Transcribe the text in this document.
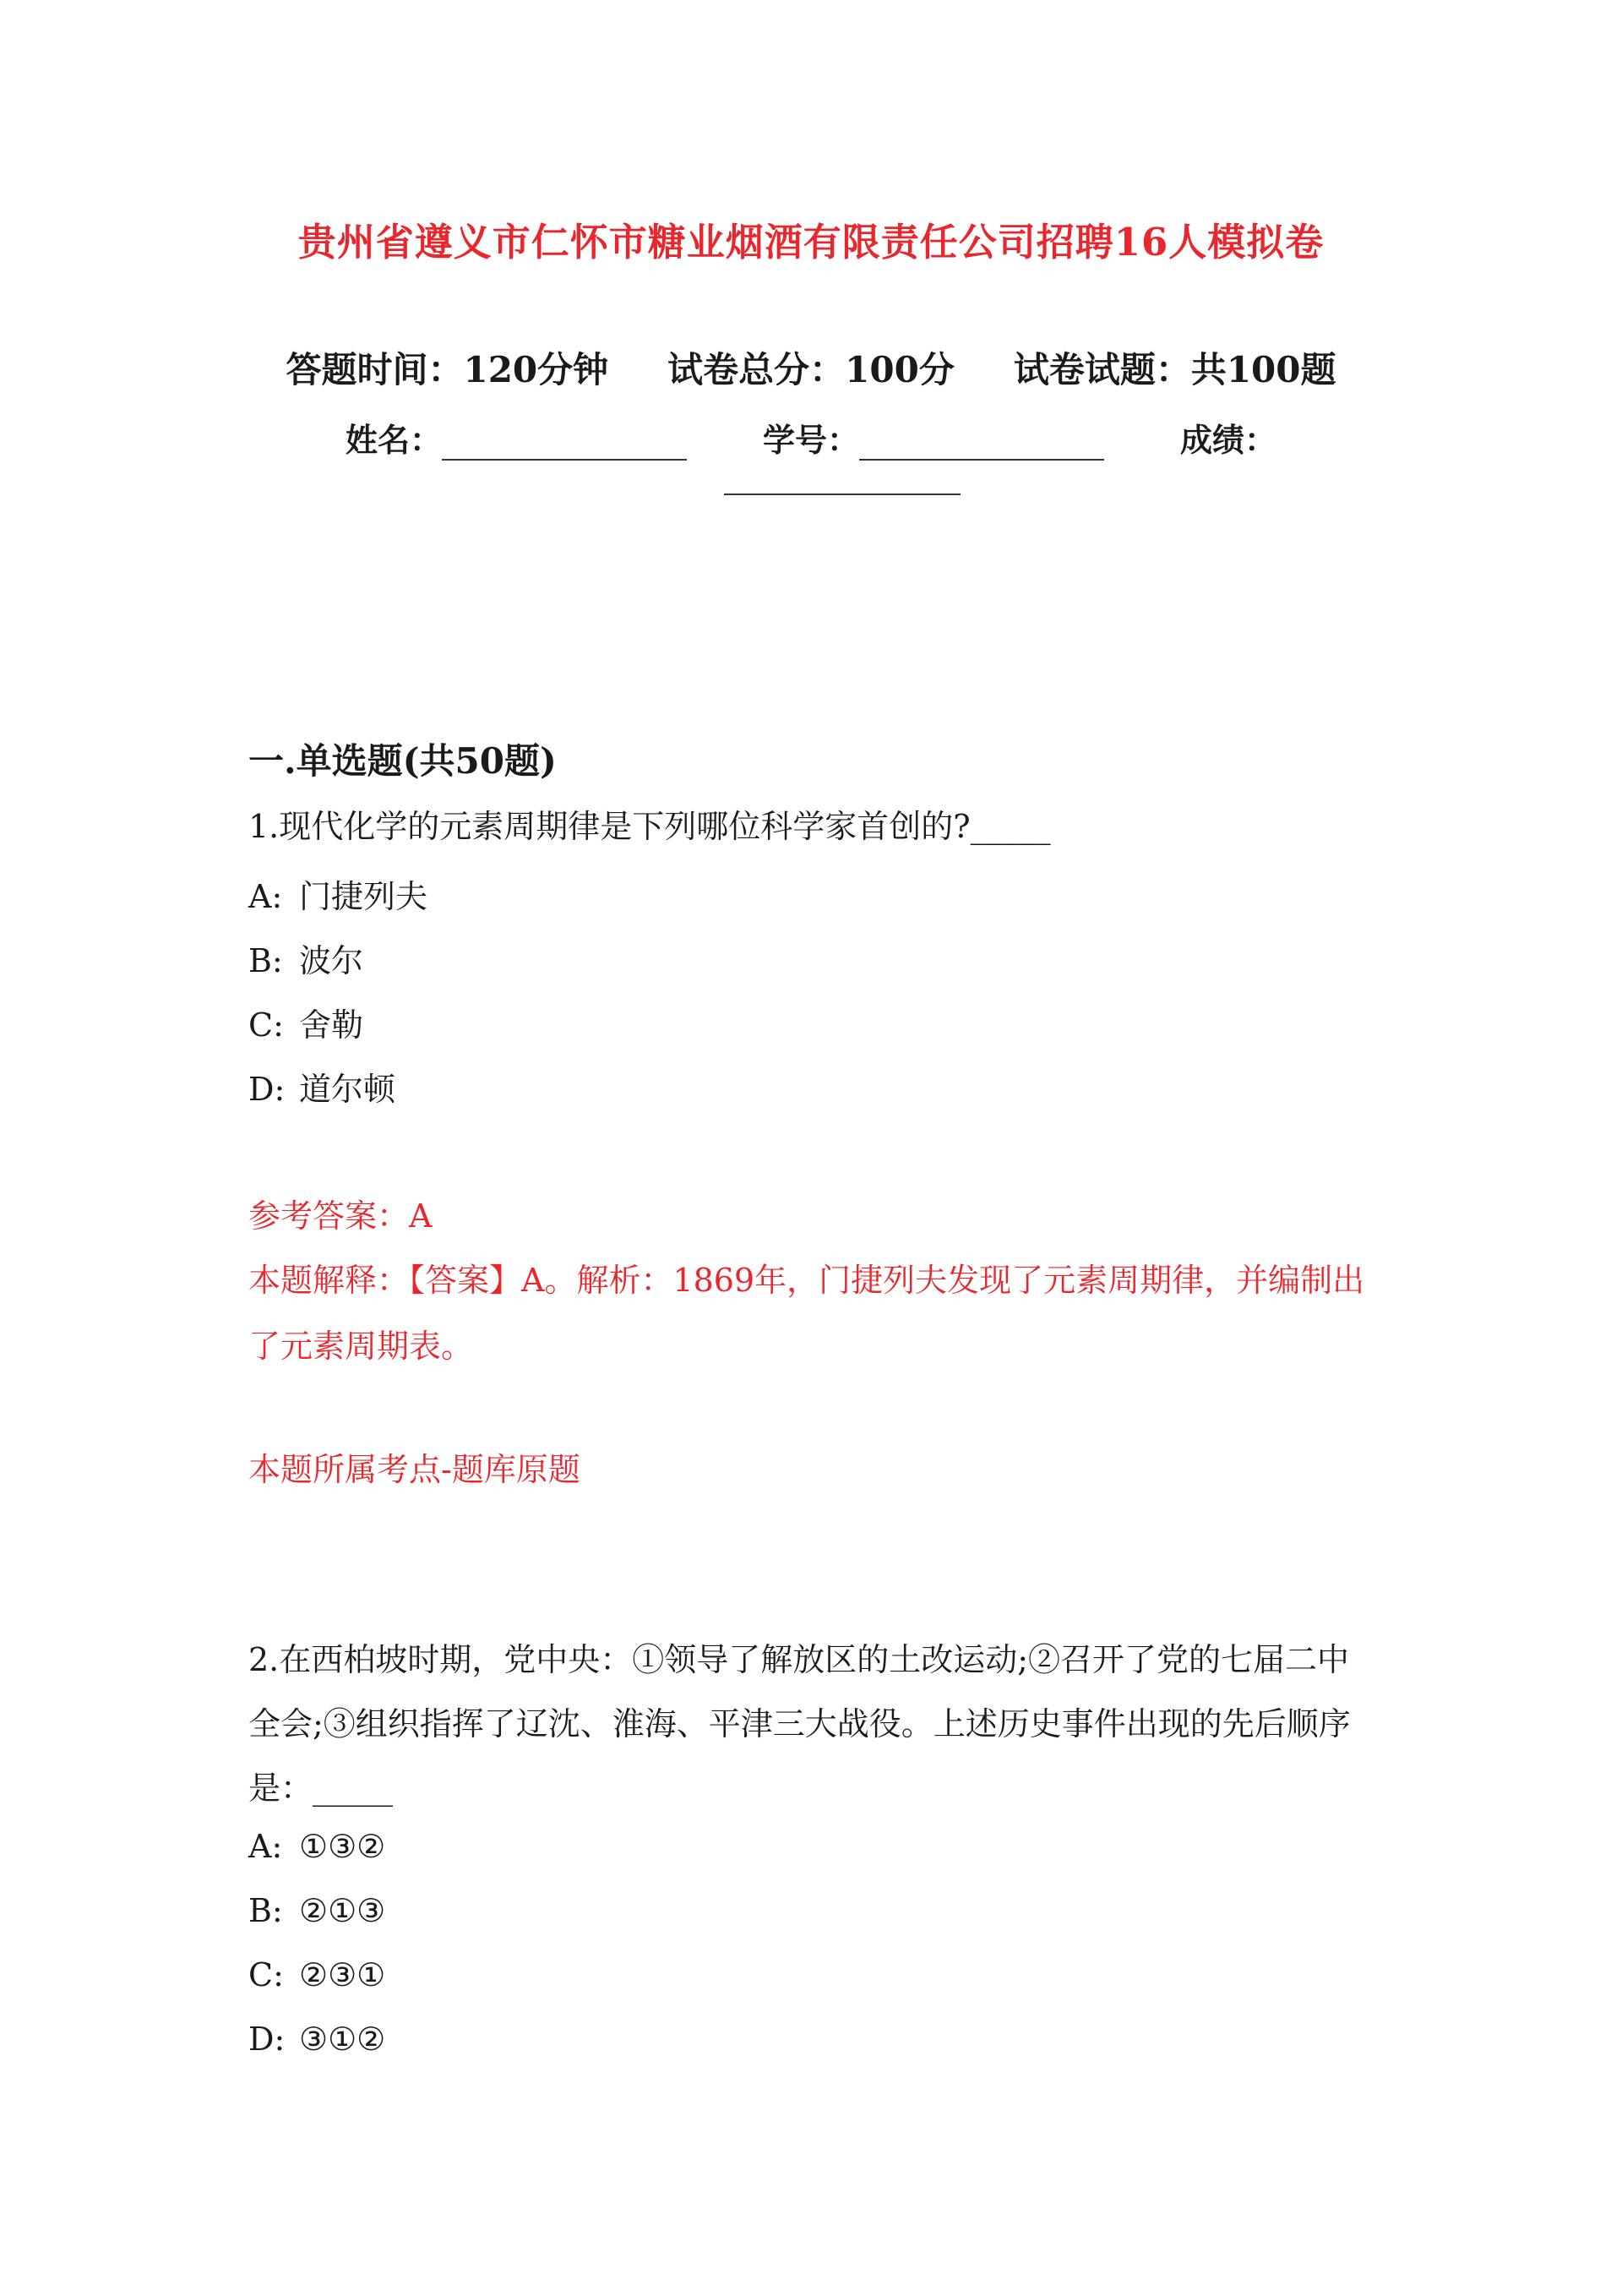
贵州省遵义市仁怀市糖业烟酒有限责任公司招聘16人模拟卷
答题时间：120分钟 试卷总分：100分 试卷试题：共100题
姓名：	学号：	成绩：
一.单选题(共50题)
1.现代化学的元素周期律是下列哪位科学家首创的?_____
A: 门捷列夫
B: 波尔
C: 舍勒
D: 道尔顿
参考答案：A
本题解释：【答案】A。解析：1869年，门捷列夫发现了元素周期律，并编制出了元素周期表。
本题所属考点-题库原题
2.在西柏坡时期，党中央：①领导了解放区的土改运动;②召开了党的七届二中全会;③组织指挥了辽沈、淮海、平津三大战役。上述历史事件出现的先后顺序是：_____
A: ①③②
B: ②①③
C: ②③①
D: ③①②
